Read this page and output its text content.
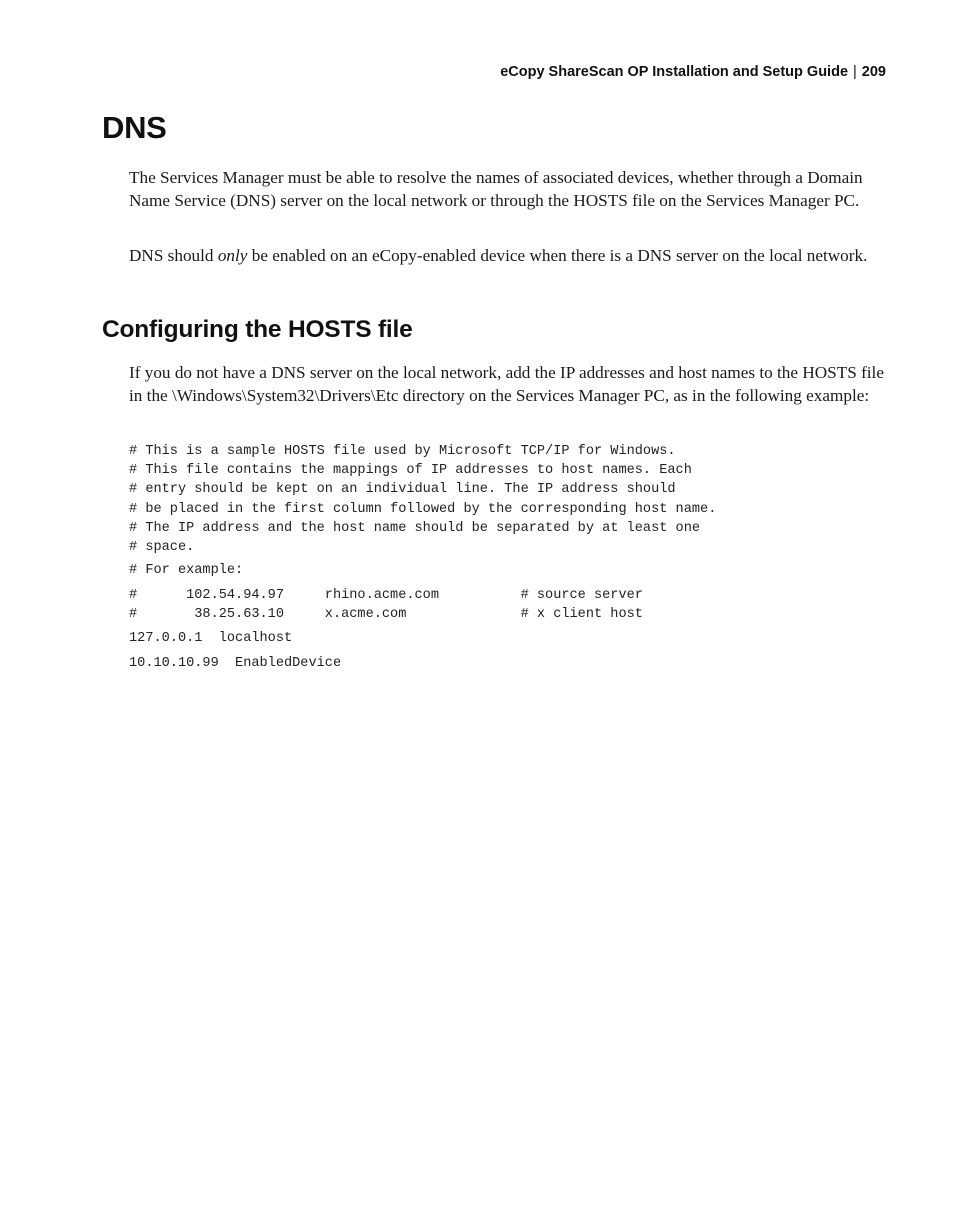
eCopy ShareScan OP Installation and Setup Guide | 209
DNS

The Services Manager must be able to resolve the names of associated devices, whether through a Domain Name Service (DNS) server on the local network or through the HOSTS file on the Services Manager PC.

DNS should only be enabled on an eCopy-enabled device when there is a DNS server on the local network.

Configuring the HOSTS file

If you do not have a DNS server on the local network, add the IP addresses and host names to the HOSTS file in the \Windows\System32\Drivers\Etc directory on the Services Manager PC, as in the following example:

# This is a sample HOSTS file used by Microsoft TCP/IP for Windows.
# This file contains the mappings of IP addresses to host names. Each
# entry should be kept on an individual line. The IP address should
# be placed in the first column followed by the corresponding host name.
# The IP address and the host name should be separated by at least one
# space.
# For example:
#      102.54.94.97     rhino.acme.com          # source server
#       38.25.63.10     x.acme.com              # x client host
127.0.0.1  localhost
10.10.10.99  EnabledDevice
